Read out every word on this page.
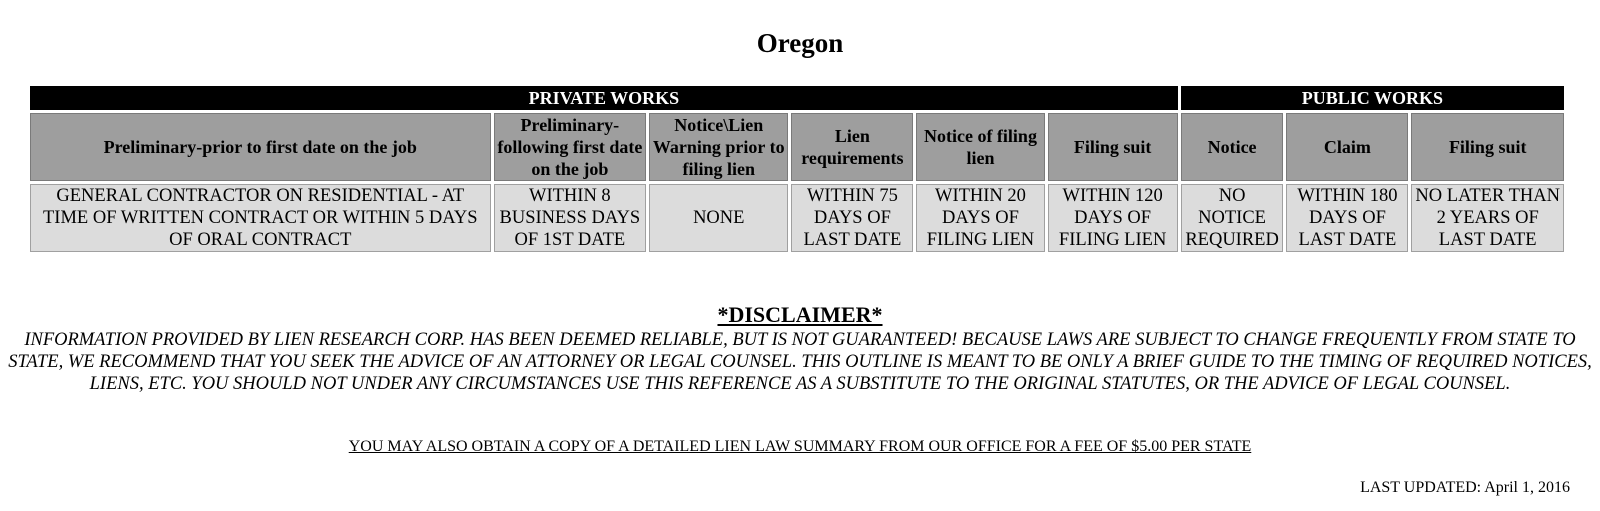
Oregon
PRIVATE WORKS						PUBLIC WORKS		
Preliminary-prior to first date on the job	Preliminary-following first date on the job	Notice\Lien Warning prior to filing lien	Lien requirements	Notice of filing lien	Filing suit	Notice	Claim	Filing suit
GENERAL CONTRACTOR ON RESIDENTIAL - AT TIME OF WRITTEN CONTRACT OR WITHIN 5 DAYS OF ORAL CONTRACT	WITHIN 8 BUSINESS DAYS OF 1ST DATE	NONE	WITHIN 75 DAYS OF LAST DATE	WITHIN 20 DAYS OF FILING LIEN	WITHIN 120 DAYS OF FILING LIEN	NO NOTICE REQUIRED	WITHIN 180 DAYS OF LAST DATE	NO LATER THAN 2 YEARS OF LAST DATE

*DISCLAIMER*

INFORMATION PROVIDED BY LIEN RESEARCH CORP. HAS BEEN DEEMED RELIABLE, BUT IS NOT GUARANTEED! BECAUSE LAWS ARE SUBJECT TO CHANGE FREQUENTLY FROM STATE TO STATE, WE RECOMMEND THAT YOU SEEK THE ADVICE OF AN ATTORNEY OR LEGAL COUNSEL. THIS OUTLINE IS MEANT TO BE ONLY A BRIEF GUIDE TO THE TIMING OF REQUIRED NOTICES, LIENS, ETC. YOU SHOULD NOT UNDER ANY CIRCUMSTANCES USE THIS REFERENCE AS A SUBSTITUTE TO THE ORIGINAL STATUTES, OR THE ADVICE OF LEGAL COUNSEL.

YOU MAY ALSO OBTAIN A COPY OF A DETAILED LIEN LAW SUMMARY FROM OUR OFFICE FOR A FEE OF $5.00 PER STATE

LAST UPDATED: April 1, 2016
